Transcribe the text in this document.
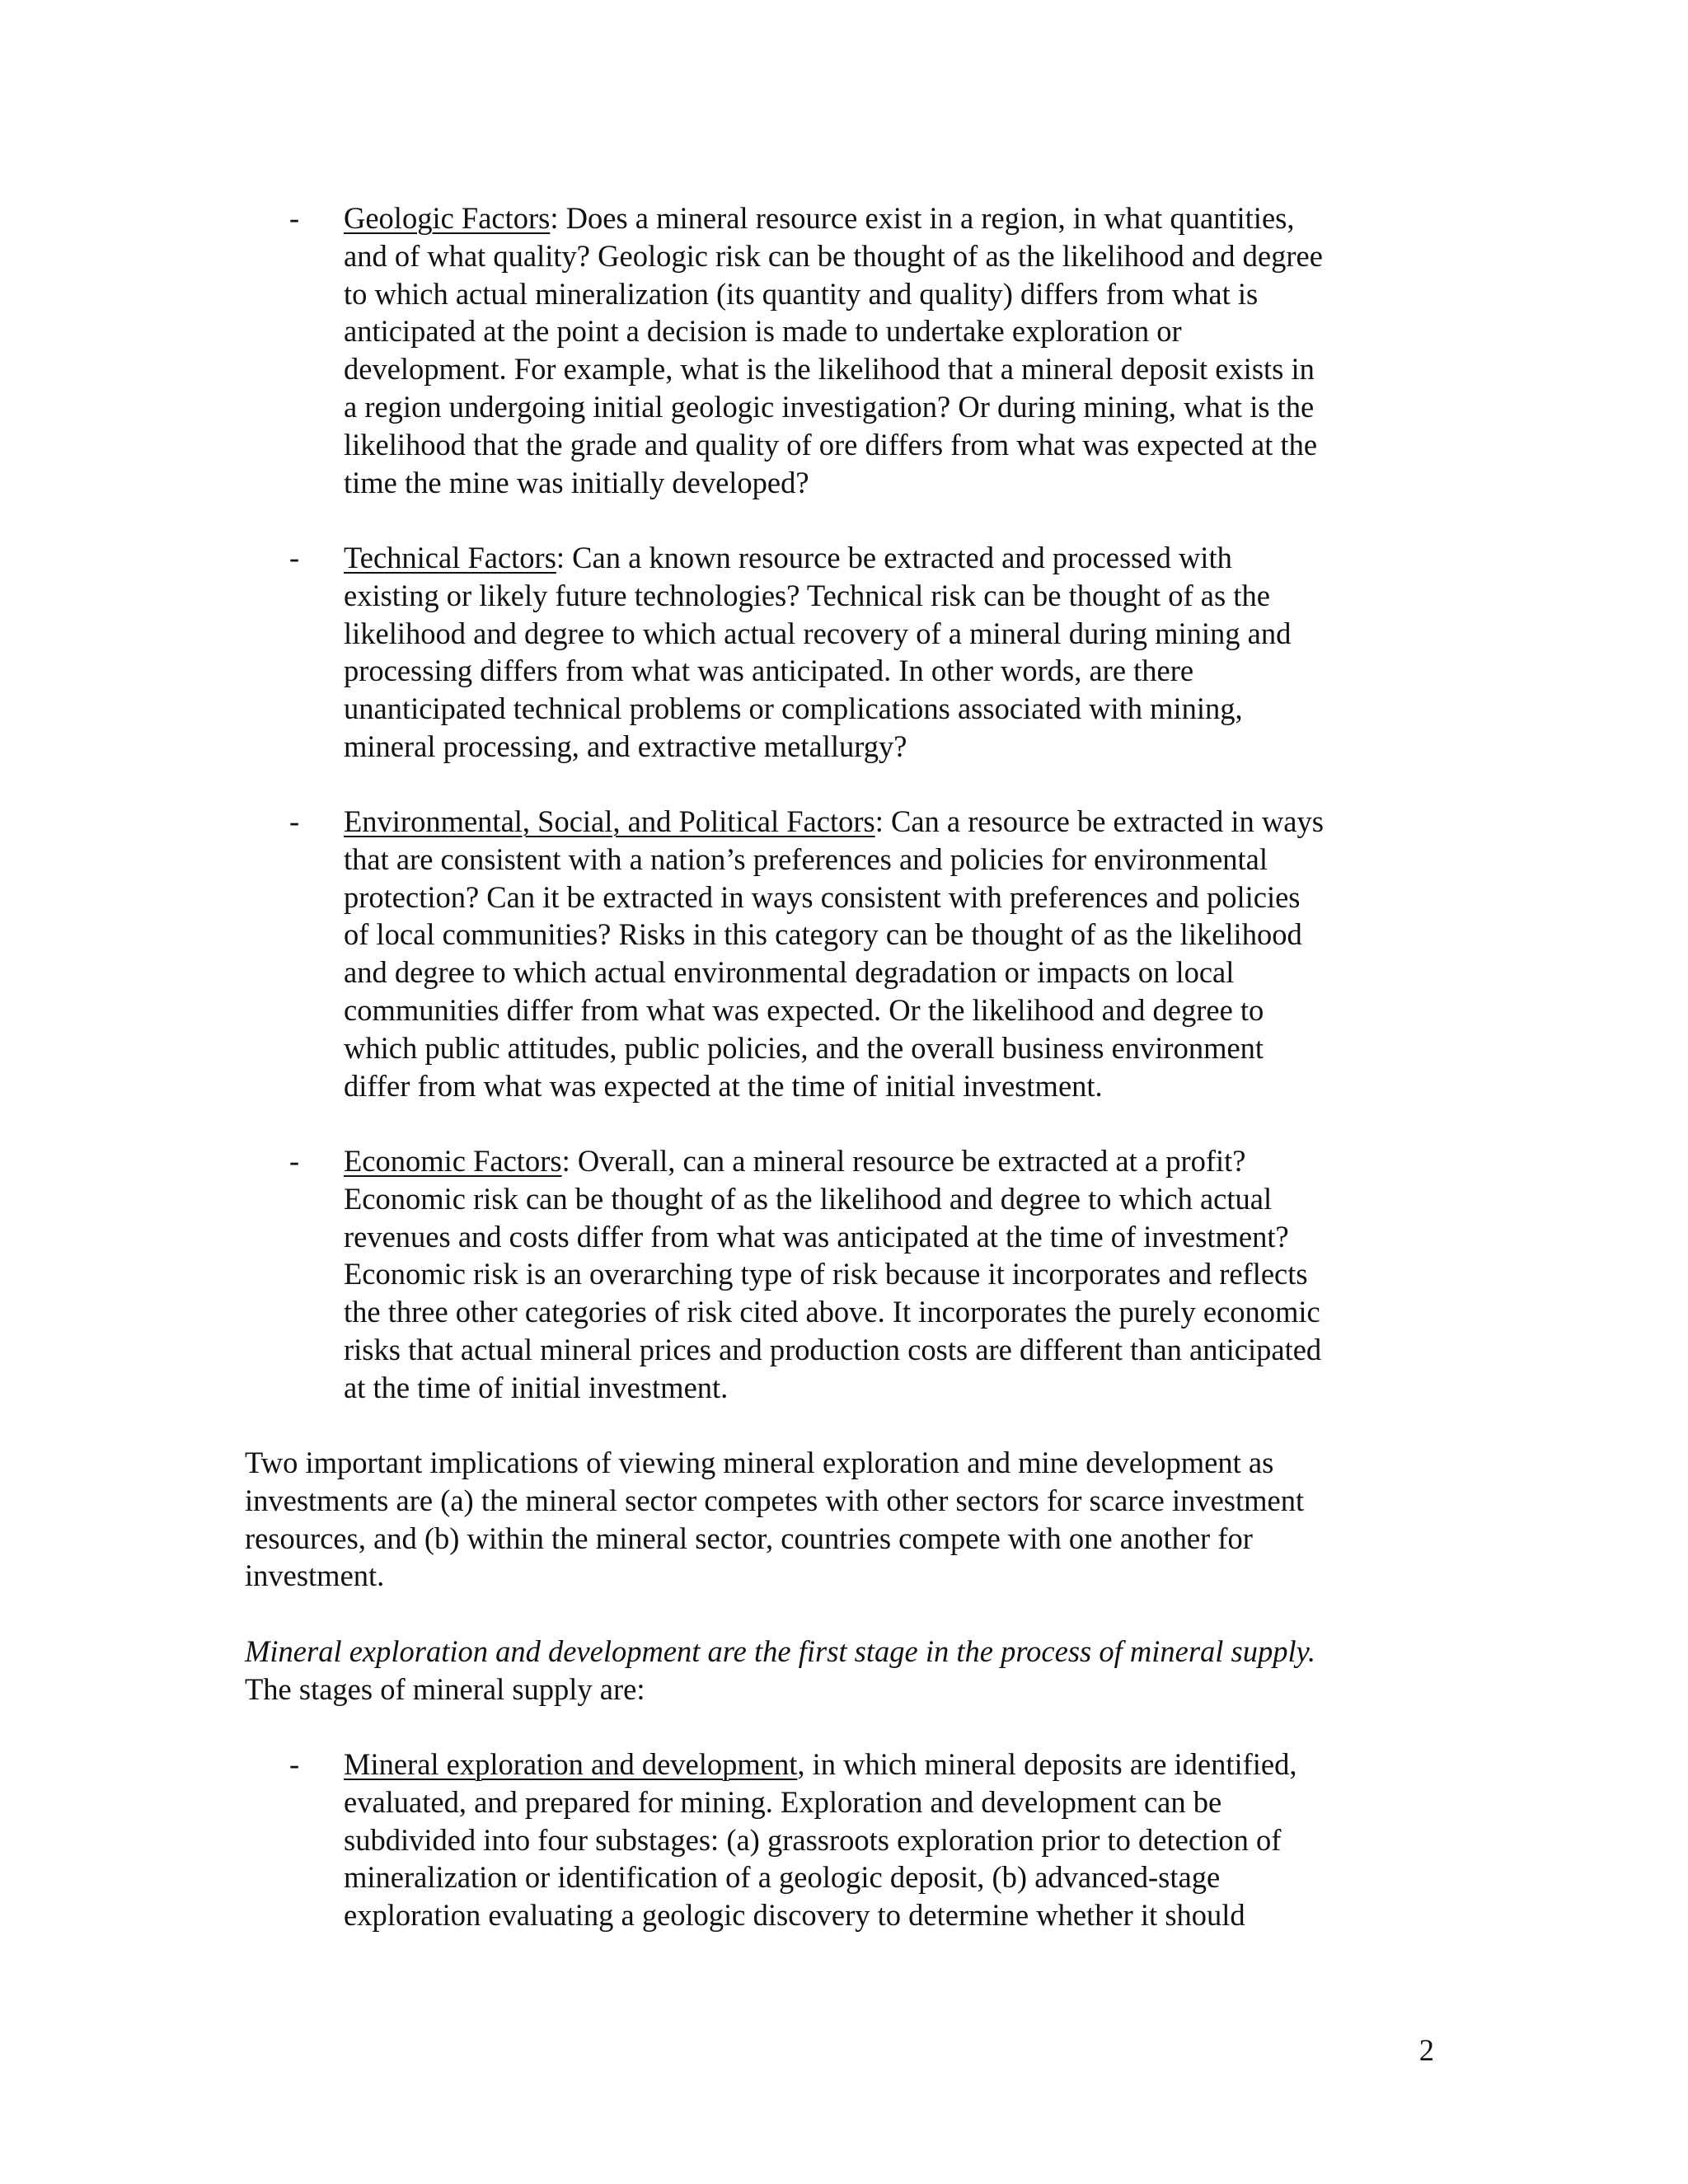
- Geologic Factors: Does a mineral resource exist in a region, in what quantities,
and of what quality? Geologic risk can be thought of as the likelihood and degree
to which actual mineralization (its quantity and quality) differs from what is
anticipated at the point a decision is made to undertake exploration or
development. For example, what is the likelihood that a mineral deposit exists in
a region undergoing initial geologic investigation? Or during mining, what is the
likelihood that the grade and quality of ore differs from what was expected at the
time the mine was initially developed?
- Technical Factors: Can a known resource be extracted and processed with
existing or likely future technologies? Technical risk can be thought of as the
likelihood and degree to which actual recovery of a mineral during mining and
processing differs from what was anticipated. In other words, are there
unanticipated technical problems or complications associated with mining,
mineral processing, and extractive metallurgy?
- Environmental, Social, and Political Factors: Can a resource be extracted in ways
that are consistent with a nation’s preferences and policies for environmental
protection? Can it be extracted in ways consistent with preferences and policies
of local communities? Risks in this category can be thought of as the likelihood
and degree to which actual environmental degradation or impacts on local
communities differ from what was expected. Or the likelihood and degree to
which public attitudes, public policies, and the overall business environment
differ from what was expected at the time of initial investment.
- Economic Factors: Overall, can a mineral resource be extracted at a profit?
Economic risk can be thought of as the likelihood and degree to which actual
revenues and costs differ from what was anticipated at the time of investment?
Economic risk is an overarching type of risk because it incorporates and reflects
the three other categories of risk cited above. It incorporates the purely economic
risks that actual mineral prices and production costs are different than anticipated
at the time of initial investment.
Two important implications of viewing mineral exploration and mine development as
investments are (a) the mineral sector competes with other sectors for scarce investment
resources, and (b) within the mineral sector, countries compete with one another for
investment.
Mineral exploration and development are the first stage in the process of mineral supply.
The stages of mineral supply are:
- Mineral exploration and development, in which mineral deposits are identified,
evaluated, and prepared for mining. Exploration and development can be
subdivided into four substages: (a) grassroots exploration prior to detection of
mineralization or identification of a geologic deposit, (b) advanced-stage
exploration evaluating a geologic discovery to determine whether it should
2
